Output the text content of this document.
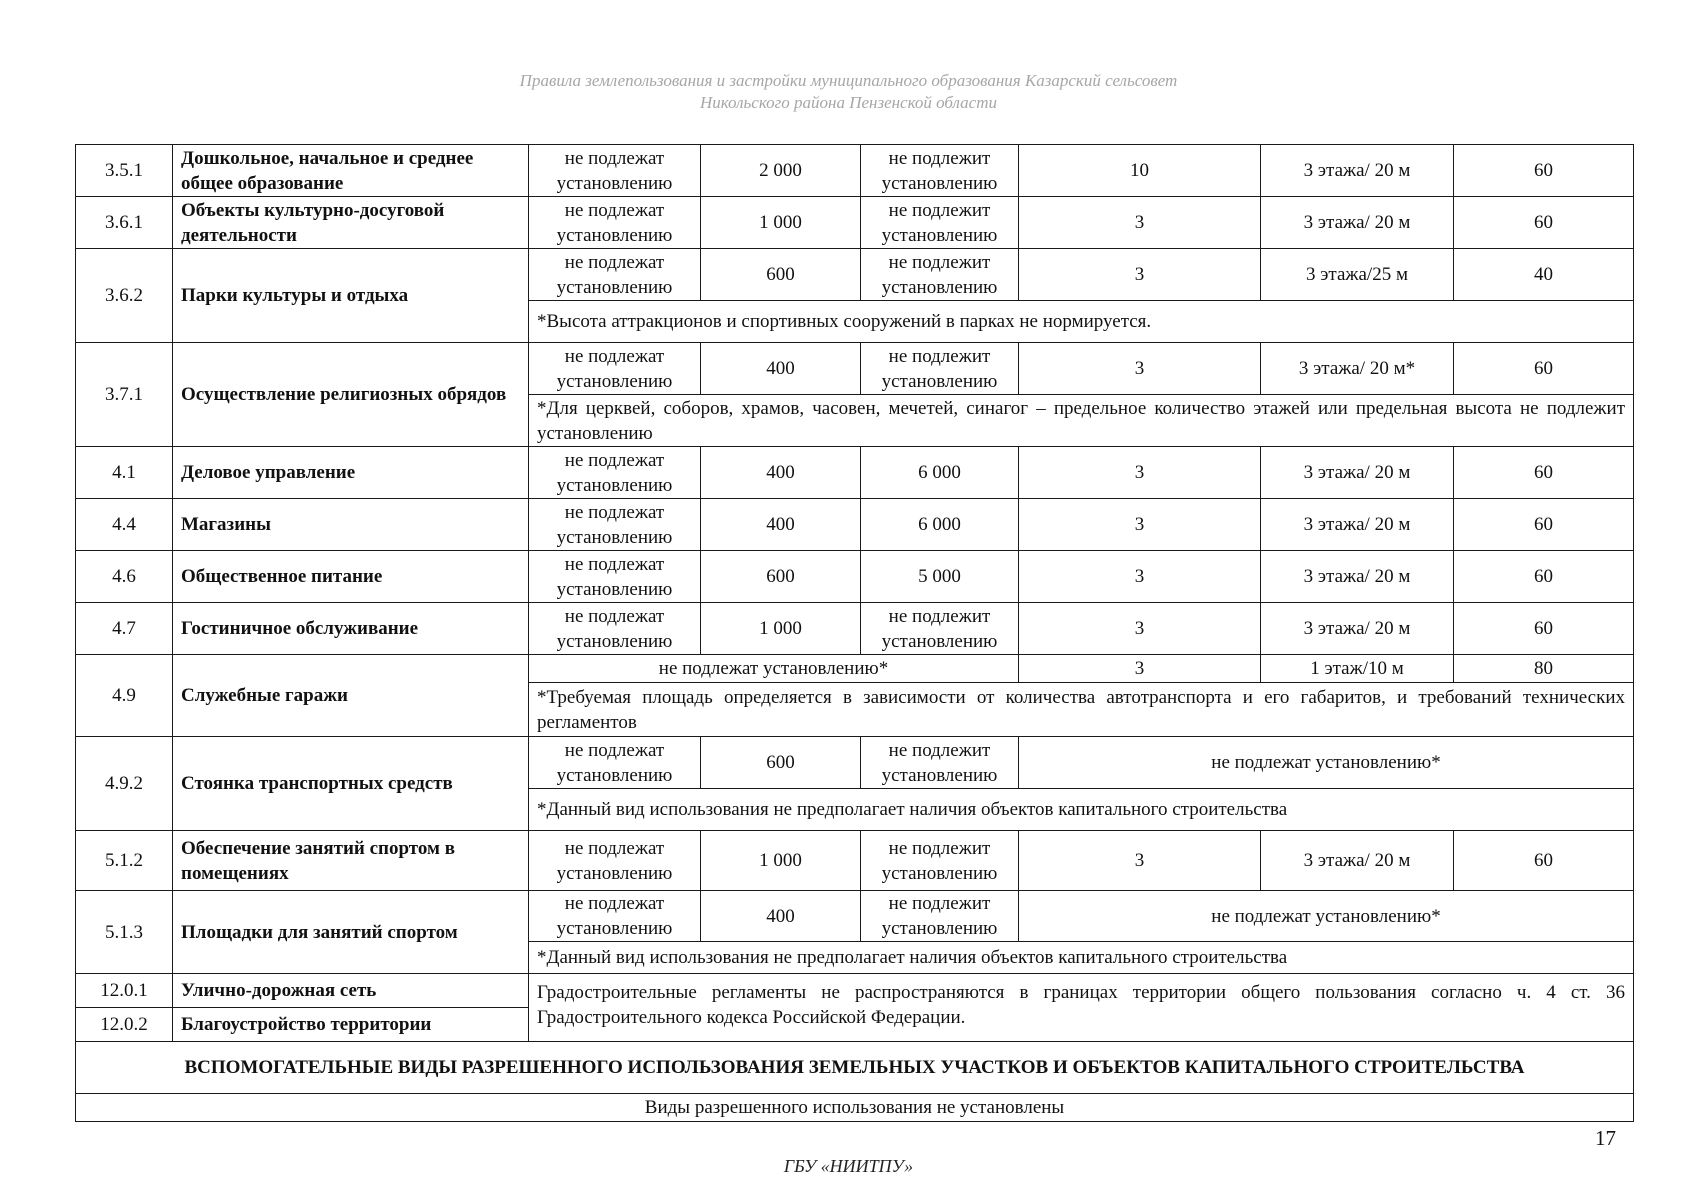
Правила землепользования и застройки муниципального образования Казарский сельсовет
Никольского района Пензенской области
3.5.1	Дошкольное, начальное и среднее общее образование	не подлежат установлению	2 000	не подлежит установлению	10	3 этажа/ 20 м	60
3.6.1	Объекты культурно-досуговой деятельности	не подлежат установлению	1 000	не подлежит установлению	3	3 этажа/ 20 м	60
3.6.2	Парки культуры и отдыха	не подлежат установлению	600	не подлежит установлению	3	3 этажа/25 м	40
		*Высота аттракционов и спортивных сооружений в парках не нормируется.					
3.7.1	Осуществление религиозных обрядов	не подлежат установлению	400	не подлежит установлению	3	3 этажа/ 20 м*	60
		*Для церквей, соборов, храмов, часовен, мечетей, синагог – предельное количество этажей или предельная высота не подлежит установлению					
4.1	Деловое управление	не подлежат установлению	400	6 000	3	3 этажа/ 20 м	60
4.4	Магазины	не подлежат установлению	400	6 000	3	3 этажа/ 20 м	60
4.6	Общественное питание	не подлежат установлению	600	5 000	3	3 этажа/ 20 м	60
4.7	Гостиничное обслуживание	не подлежат установлению	1 000	не подлежит установлению	3	3 этажа/ 20 м	60
4.9	Служебные гаражи	не подлежат установлению*			3	1 этаж/10 м	80
		*Требуемая площадь определяется в зависимости от количества автотранспорта и его габаритов, и требований технических регламентов					
4.9.2	Стоянка транспортных средств	не подлежат установлению	600	не подлежит установлению	не подлежат установлению*		
		*Данный вид использования не предполагает наличия объектов капитального строительства					
5.1.2	Обеспечение занятий спортом в помещениях	не подлежат установлению	1 000	не подлежит установлению	3	3 этажа/ 20 м	60
5.1.3	Площадки для занятий спортом	не подлежат установлению	400	не подлежит установлению	не подлежат установлению*		
		*Данный вид использования не предполагает наличия объектов капитального строительства					
12.0.1	Улично-дорожная сеть	Градостроительные регламенты не распространяются в границах территории общего пользования согласно ч. 4 ст. 36 Градостроительного кодекса Российской Федерации.					
12.0.2	Благоустройство территории						
ВСПОМОГАТЕЛЬНЫЕ ВИДЫ РАЗРЕШЕННОГО ИСПОЛЬЗОВАНИЯ ЗЕМЕЛЬНЫХ УЧАСТКОВ И ОБЪЕКТОВ КАПИТАЛЬНОГО СТРОИТЕЛЬСТВА							
Виды разрешенного использования не установлены							
17
ГБУ «НИИТПУ»
